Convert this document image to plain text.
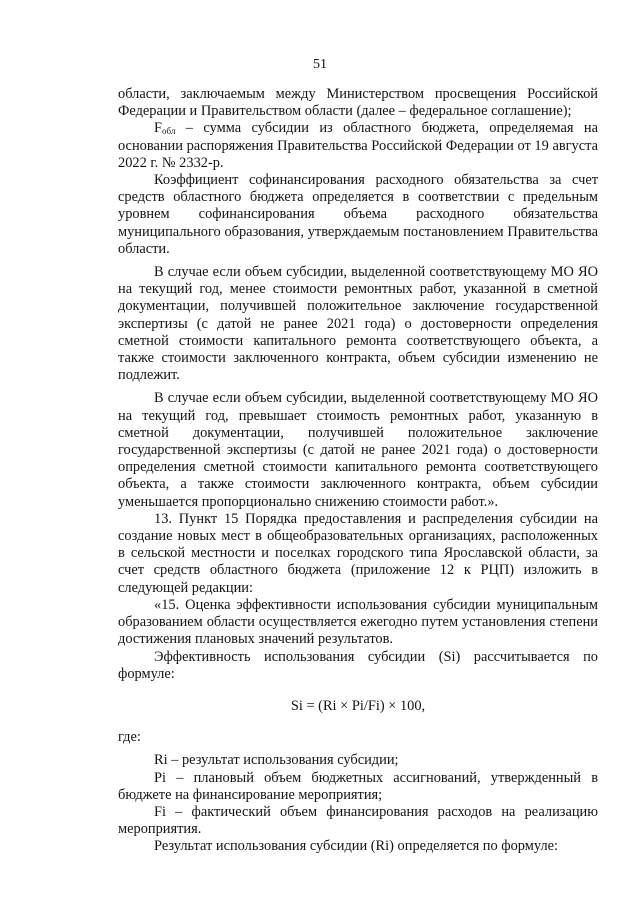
51

области, заключаемым между Министерством просвещения Российской Федерации и Правительством области (далее – федеральное соглашение);

$F_{обл}$ – сумма субсидии из областного бюджета, определяемая на основании распоряжения Правительства Российской Федерации от 19 августа 2022 г. № 2332-р.

Коэффициент софинансирования расходного обязательства за счет средств областного бюджета определяется в соответствии с предельным уровнем софинансирования объема расходного обязательства муниципального образования, утверждаемым постановлением Правительства области.

В случае если объем субсидии, выделенной соответствующему МО ЯО на текущий год, менее стоимости ремонтных работ, указанной в сметной документации, получившей положительное заключение государственной экспертизы (с датой не ранее 2021 года) о достоверности определения сметной стоимости капитального ремонта соответствующего объекта, а также стоимости заключенного контракта, объем субсидии изменению не подлежит.

В случае если объем субсидии, выделенной соответствующему МО ЯО на текущий год, превышает стоимость ремонтных работ, указанную в сметной документации, получившей положительное заключение государственной экспертизы (с датой не ранее 2021 года) о достоверности определения сметной стоимости капитального ремонта соответствующего объекта, а также стоимости заключенного контракта, объем субсидии уменьшается пропорционально снижению стоимости работ.».

13. Пункт 15 Порядка предоставления и распределения субсидии на создание новых мест в общеобразовательных организациях, расположенных в сельской местности и поселках городского типа Ярославской области, за счет средств областного бюджета (приложение 12 к РЦП) изложить в следующей редакции:

«15. Оценка эффективности использования субсидии муниципальным образованием области осуществляется ежегодно путем установления степени достижения плановых значений результатов.

Эффективность использования субсидии (Si) рассчитывается по формуле:

Si = (Ri × Pi/Fi) × 100,

где:

Ri – результат использования субсидии;

Pi – плановый объем бюджетных ассигнований, утвержденный в бюджете на финансирование мероприятия;

Fi – фактический объем финансирования расходов на реализацию мероприятия.

Результат использования субсидии (Ri) определяется по формуле:
